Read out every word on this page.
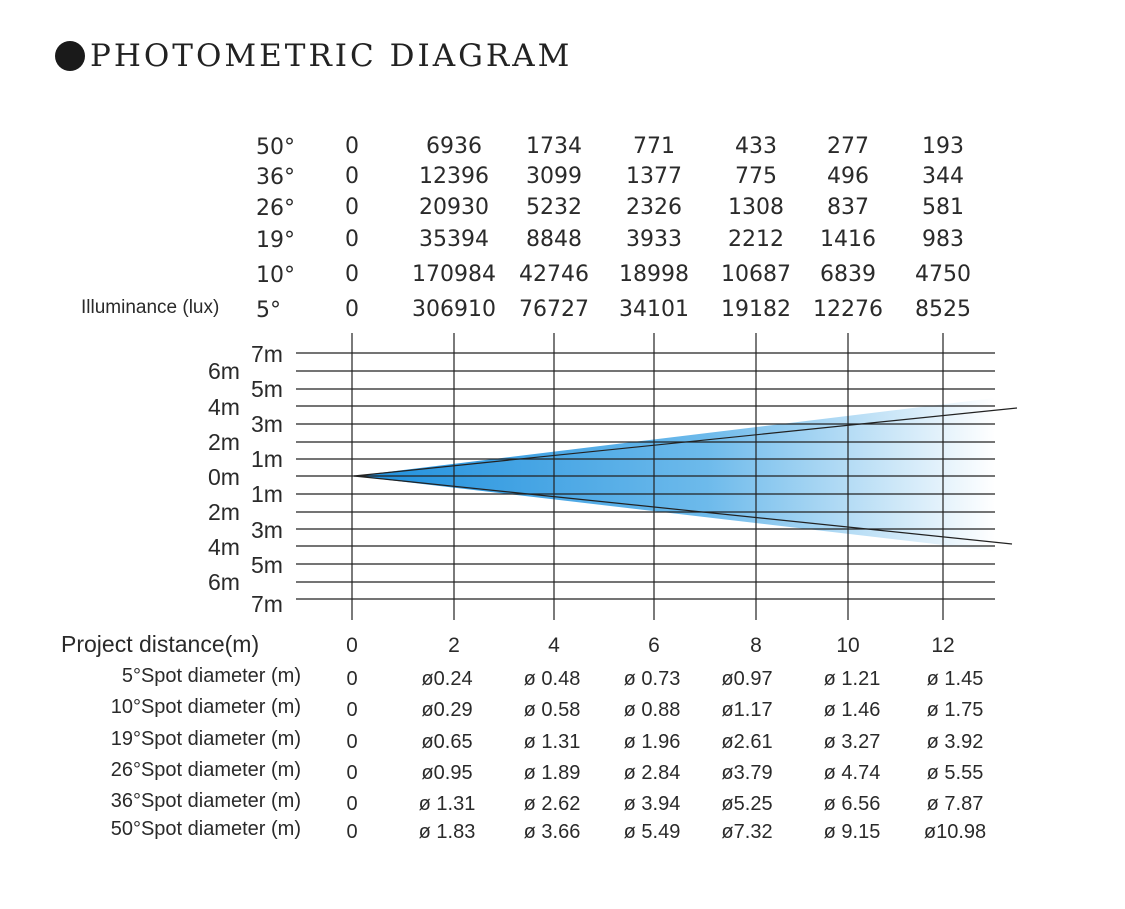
PHOTOMETRIC DIAGRAM
50° 0	6936 1734 771	433 277 193
36° 0	12396 3099 1377 775 496 344
26° 0	20930 5232 2326 1308 837 581
19° 0	35394 8848 3933 2212 1416 983
10° 0 170984 42746 18998 10687 6839 4750
5°	0 306910 76727 34101 19182 12276 8525
Illuminance (lux)
6m
4m
2m
0m
2m
4m
6m
7m
5m
3m
1m
1m
3m
5m
7m
Project distance(m)	0	2	4	6	8	10	12
5°Spot diameter (m) 0	ø0.24	ø 0.48 ø 0.73 ø0.97	ø 1.21 ø 1.45
10°Spot diameter (m) 0	ø0.29	ø 0.58 ø 0.88 ø1.17	ø 1.46 ø 1.75
19°Spot diameter (m) 0	ø0.65	ø 1.31 ø 1.96 ø2.61	ø 3.27 ø 3.92
26°Spot diameter (m) 0	ø0.95	ø 1.89 ø 2.84 ø3.79	ø 4.74 ø 5.55
36°Spot diameter (m) 0	ø 1.31 ø 2.62 ø 3.94 ø5.25	ø 6.56 ø 7.87
50°Spot diameter (m) 0	ø 1.83 ø 3.66 ø 5.49 ø7.32	ø 9.15 ø10.98
